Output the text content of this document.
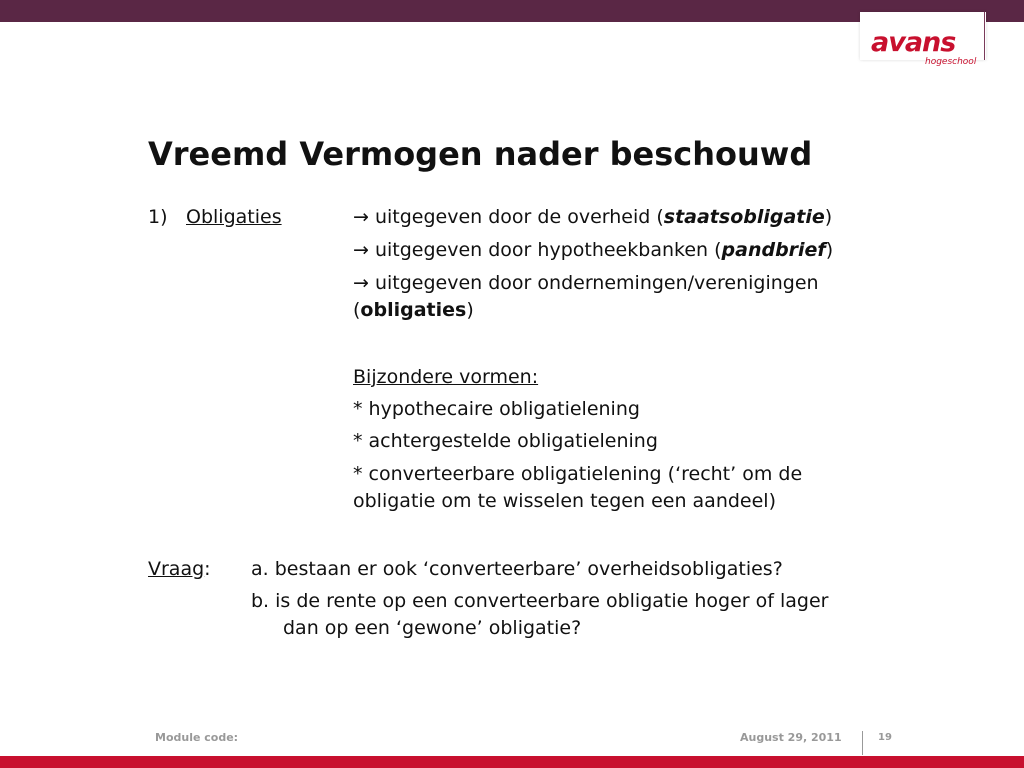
avans
hogeschool
Vreemd Vermogen nader beschouwd
1) Obligaties	→ uitgegeven door de overheid (staatsobligatie)
→ uitgegeven door hypotheekbanken (pandbrief)
→ uitgegeven door ondernemingen/verenigingen
(obligaties)
Bijzondere vormen:
* hypothecaire obligatielening
* achtergestelde obligatielening
* converteerbare obligatielening (‘recht’ om de
obligatie om te wisselen tegen een aandeel)
Vraag: a. bestaan er ook ‘converteerbare’ overheidsobligaties?
b. is de rente op een converteerbare obligatie hoger of lager
dan op een ‘gewone’ obligatie?
Module code:	August 29, 2011	19
